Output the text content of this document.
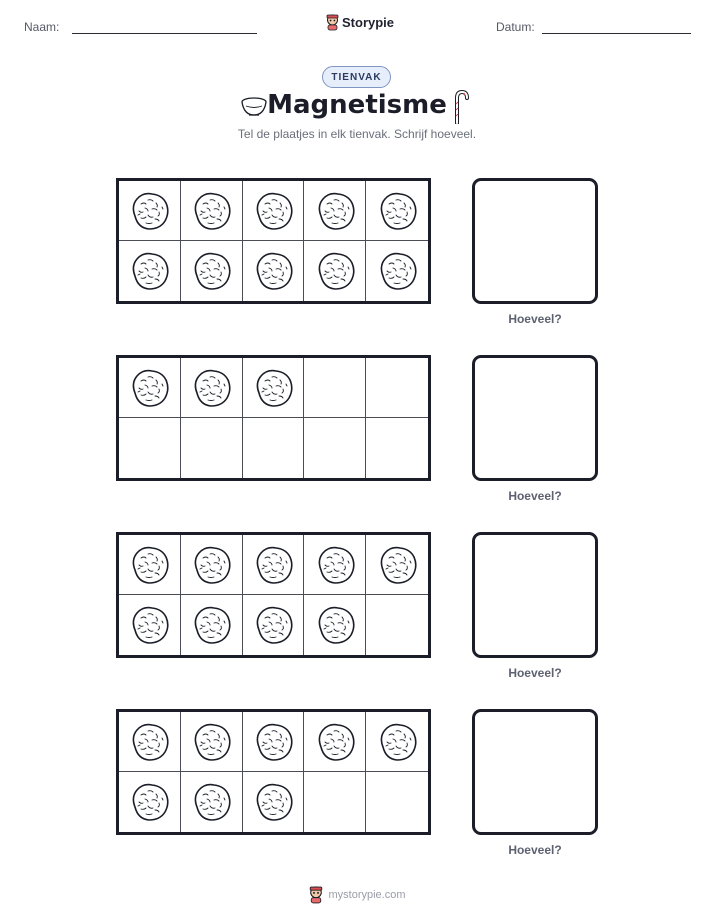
Naam:	Storypie	Datum:
TIENVAK
Magnetisme
Tel de plaatjes in elk tienvak. Schrijf hoeveel.
Hoeveel?
Hoeveel?
Hoeveel?
Hoeveel?
mystorypie.com
